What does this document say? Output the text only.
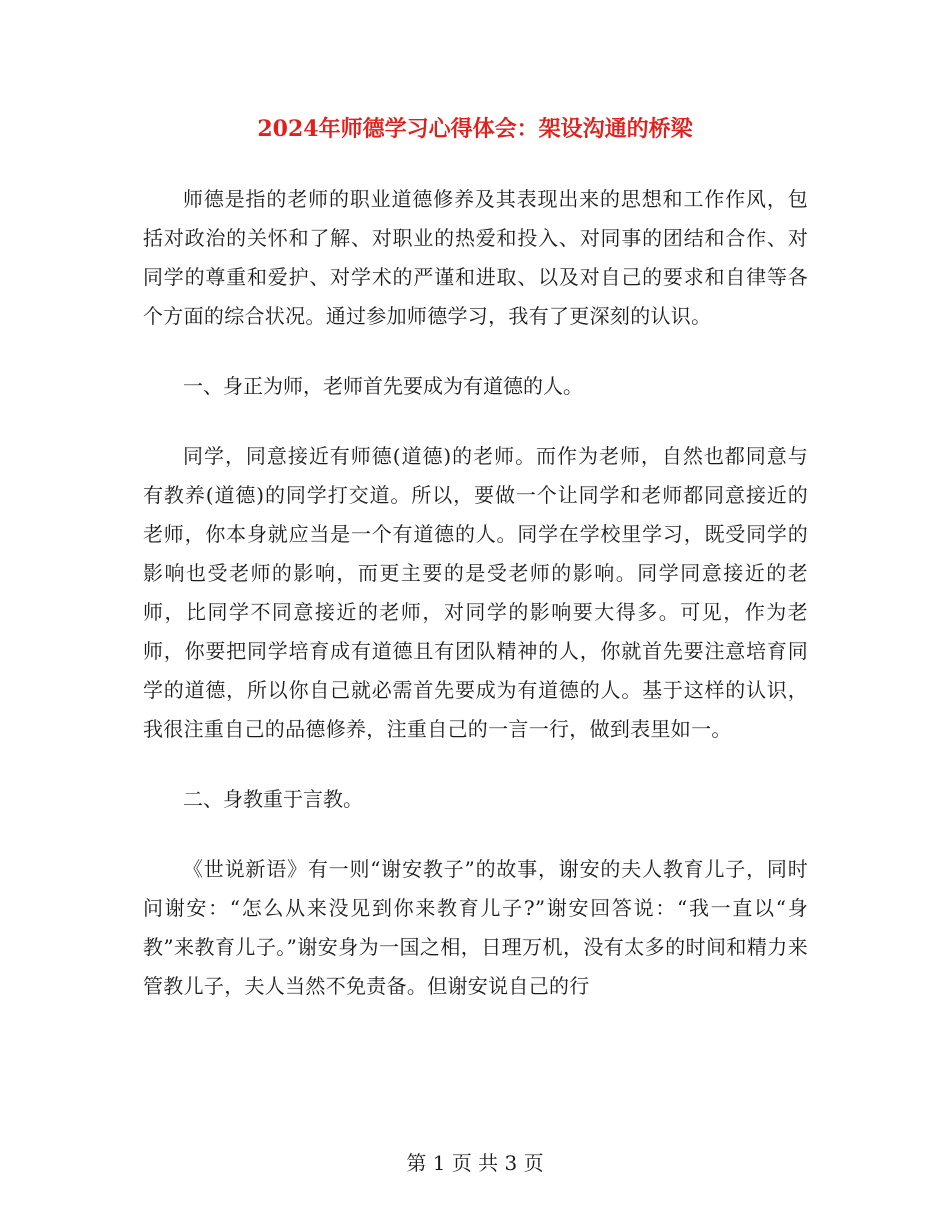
2024年师德学习心得体会：架设沟通的桥梁

师德是指的老师的职业道德修养及其表现出来的思想和工作作风，包括对政治的关怀和了解、对职业的热爱和投入、对同事的团结和合作、对同学的尊重和爱护、对学术的严谨和进取、以及对自己的要求和自律等各个方面的综合状况。通过参加师德学习，我有了更深刻的认识。

一、身正为师，老师首先要成为有道德的人。

同学，同意接近有师德(道德)的老师。而作为老师，自然也都同意与有教养(道德)的同学打交道。所以，要做一个让同学和老师都同意接近的老师，你本身就应当是一个有道德的人。同学在学校里学习，既受同学的影响也受老师的影响，而更主要的是受老师的影响。同学同意接近的老师，比同学不同意接近的老师，对同学的影响要大得多。可见，作为老师，你要把同学培育成有道德且有团队精神的人，你就首先要注意培育同学的道德，所以你自己就必需首先要成为有道德的人。基于这样的认识，我很注重自己的品德修养，注重自己的一言一行，做到表里如一。

二、身教重于言教。

《世说新语》有一则“谢安教子”的故事，谢安的夫人教育儿子，同时问谢安：“怎么从来没见到你来教育儿子?”谢安回答说：“我一直以“身教”来教育儿子。”谢安身为一国之相，日理万机，没有太多的时间和精力来管教儿子，夫人当然不免责备。但谢安说自己的行

第 1 页 共 3 页
